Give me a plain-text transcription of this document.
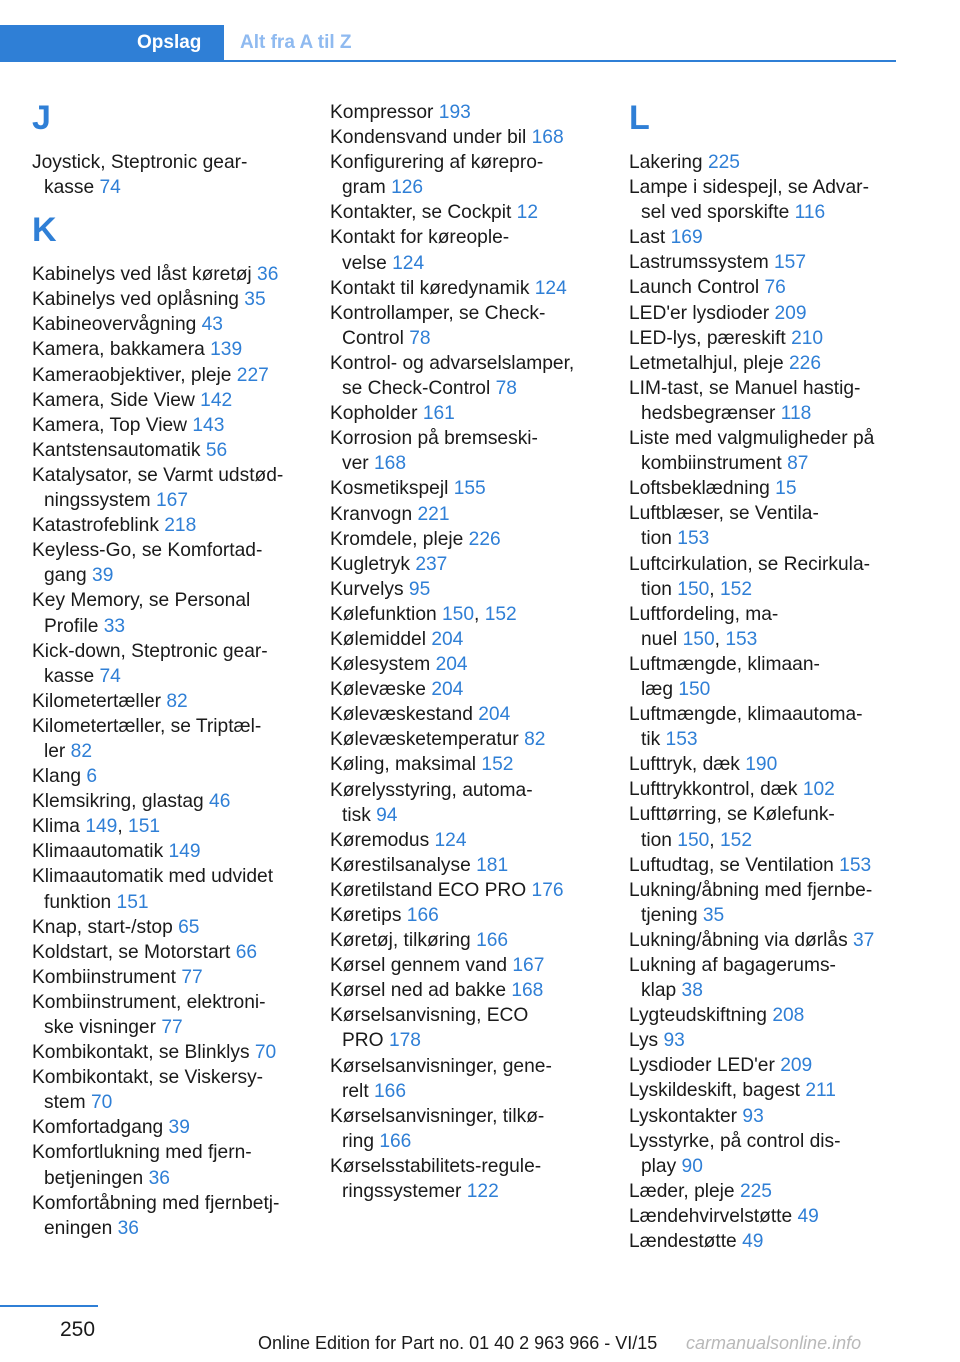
Opslag	Alt fra A til Z
J
Joystick, Steptronic gear-
kasse 74
K
Kabinelys ved låst køretøj 36
Kabinelys ved oplåsning 35
Kabineovervågning 43
Kamera, bakkamera 139
Kameraobjektiver, pleje 227
Kamera, Side View 142
Kamera, Top View 143
Kantstensautomatik 56
Katalysator, se Varmt udstød-
ningssystem 167
Katastrofeblink 218
Keyless-Go, se Komfortad-
gang 39
Key Memory, se Personal
Profile 33
Kick-down, Steptronic gear-
kasse 74
Kilometertæller 82
Kilometertæller, se Triptæl-
ler 82
Klang 6
Klemsikring, glastag 46
Klima 149, 151
Klimaautomatik 149
Klimaautomatik med udvidet
funktion 151
Knap, start-/stop 65
Koldstart, se Motorstart 66
Kombiinstrument 77
Kombiinstrument, elektroni-
ske visninger 77
Kombikontakt, se Blinklys 70
Kombikontakt, se Viskersy-
stem 70
Komfortadgang 39
Komfortlukning med fjern-
betjeningen 36
Komfortåbning med fjernbetj-
eningen 36
Kompressor 193
Kondensvand under bil 168
Konfigurering af kørepro-
gram 126
Kontakter, se Cockpit 12
Kontakt for køreople-
velse 124
Kontakt til køredynamik 124
Kontrollamper, se Check-
Control 78
Kontrol- og advarselslamper,
se Check-Control 78
Kopholder 161
Korrosion på bremseski-
ver 168
Kosmetikspejl 155
Kranvogn 221
Kromdele, pleje 226
Kugletryk 237
Kurvelys 95
Kølefunktion 150, 152
Kølemiddel 204
Kølesystem 204
Kølevæske 204
Kølevæskestand 204
Kølevæsketemperatur 82
Køling, maksimal 152
Kørelysstyring, automa-
tisk 94
Køremodus 124
Kørestilsanalyse 181
Køretilstand ECO PRO 176
Køretips 166
Køretøj, tilkøring 166
Kørsel gennem vand 167
Kørsel ned ad bakke 168
Kørselsanvisning, ECO
PRO 178
Kørselsanvisninger, gene-
relt 166
Kørselsanvisninger, tilkø-
ring 166
Kørselsstabilitets-regule-
ringssystemer 122
L
Lakering 225
Lampe i sidespejl, se Advar-
sel ved sporskifte 116
Last 169
Lastrumssystem 157
Launch Control 76
LED'er lysdioder 209
LED-lys, pæreskift 210
Letmetalhjul, pleje 226
LIM-tast, se Manuel hastig-
hedsbegrænser 118
Liste med valgmuligheder på
kombiinstrument 87
Loftsbeklædning 15
Luftblæser, se Ventila-
tion 153
Luftcirkulation, se Recirkula-
tion 150, 152
Luftfordeling, ma-
nuel 150, 153
Luftmængde, klimaan-
læg 150
Luftmængde, klimaautoma-
tik 153
Lufttryk, dæk 190
Lufttrykkontrol, dæk 102
Lufttørring, se Kølefunk-
tion 150, 152
Luftudtag, se Ventilation 153
Lukning/åbning med fjernbe-
tjening 35
Lukning/åbning via dørlås 37
Lukning af bagagerums-
klap 38
Lygteudskiftning 208
Lys 93
Lysdioder LED'er 209
Lyskildeskift, bagest 211
Lyskontakter 93
Lysstyrke, på control dis-
play 90
Læder, pleje 225
Lændehvirvelstøtte 49
Lændestøtte 49
250
Online Edition for Part no. 01 40 2 963 966 - VI/15 carmanualsonline.info
